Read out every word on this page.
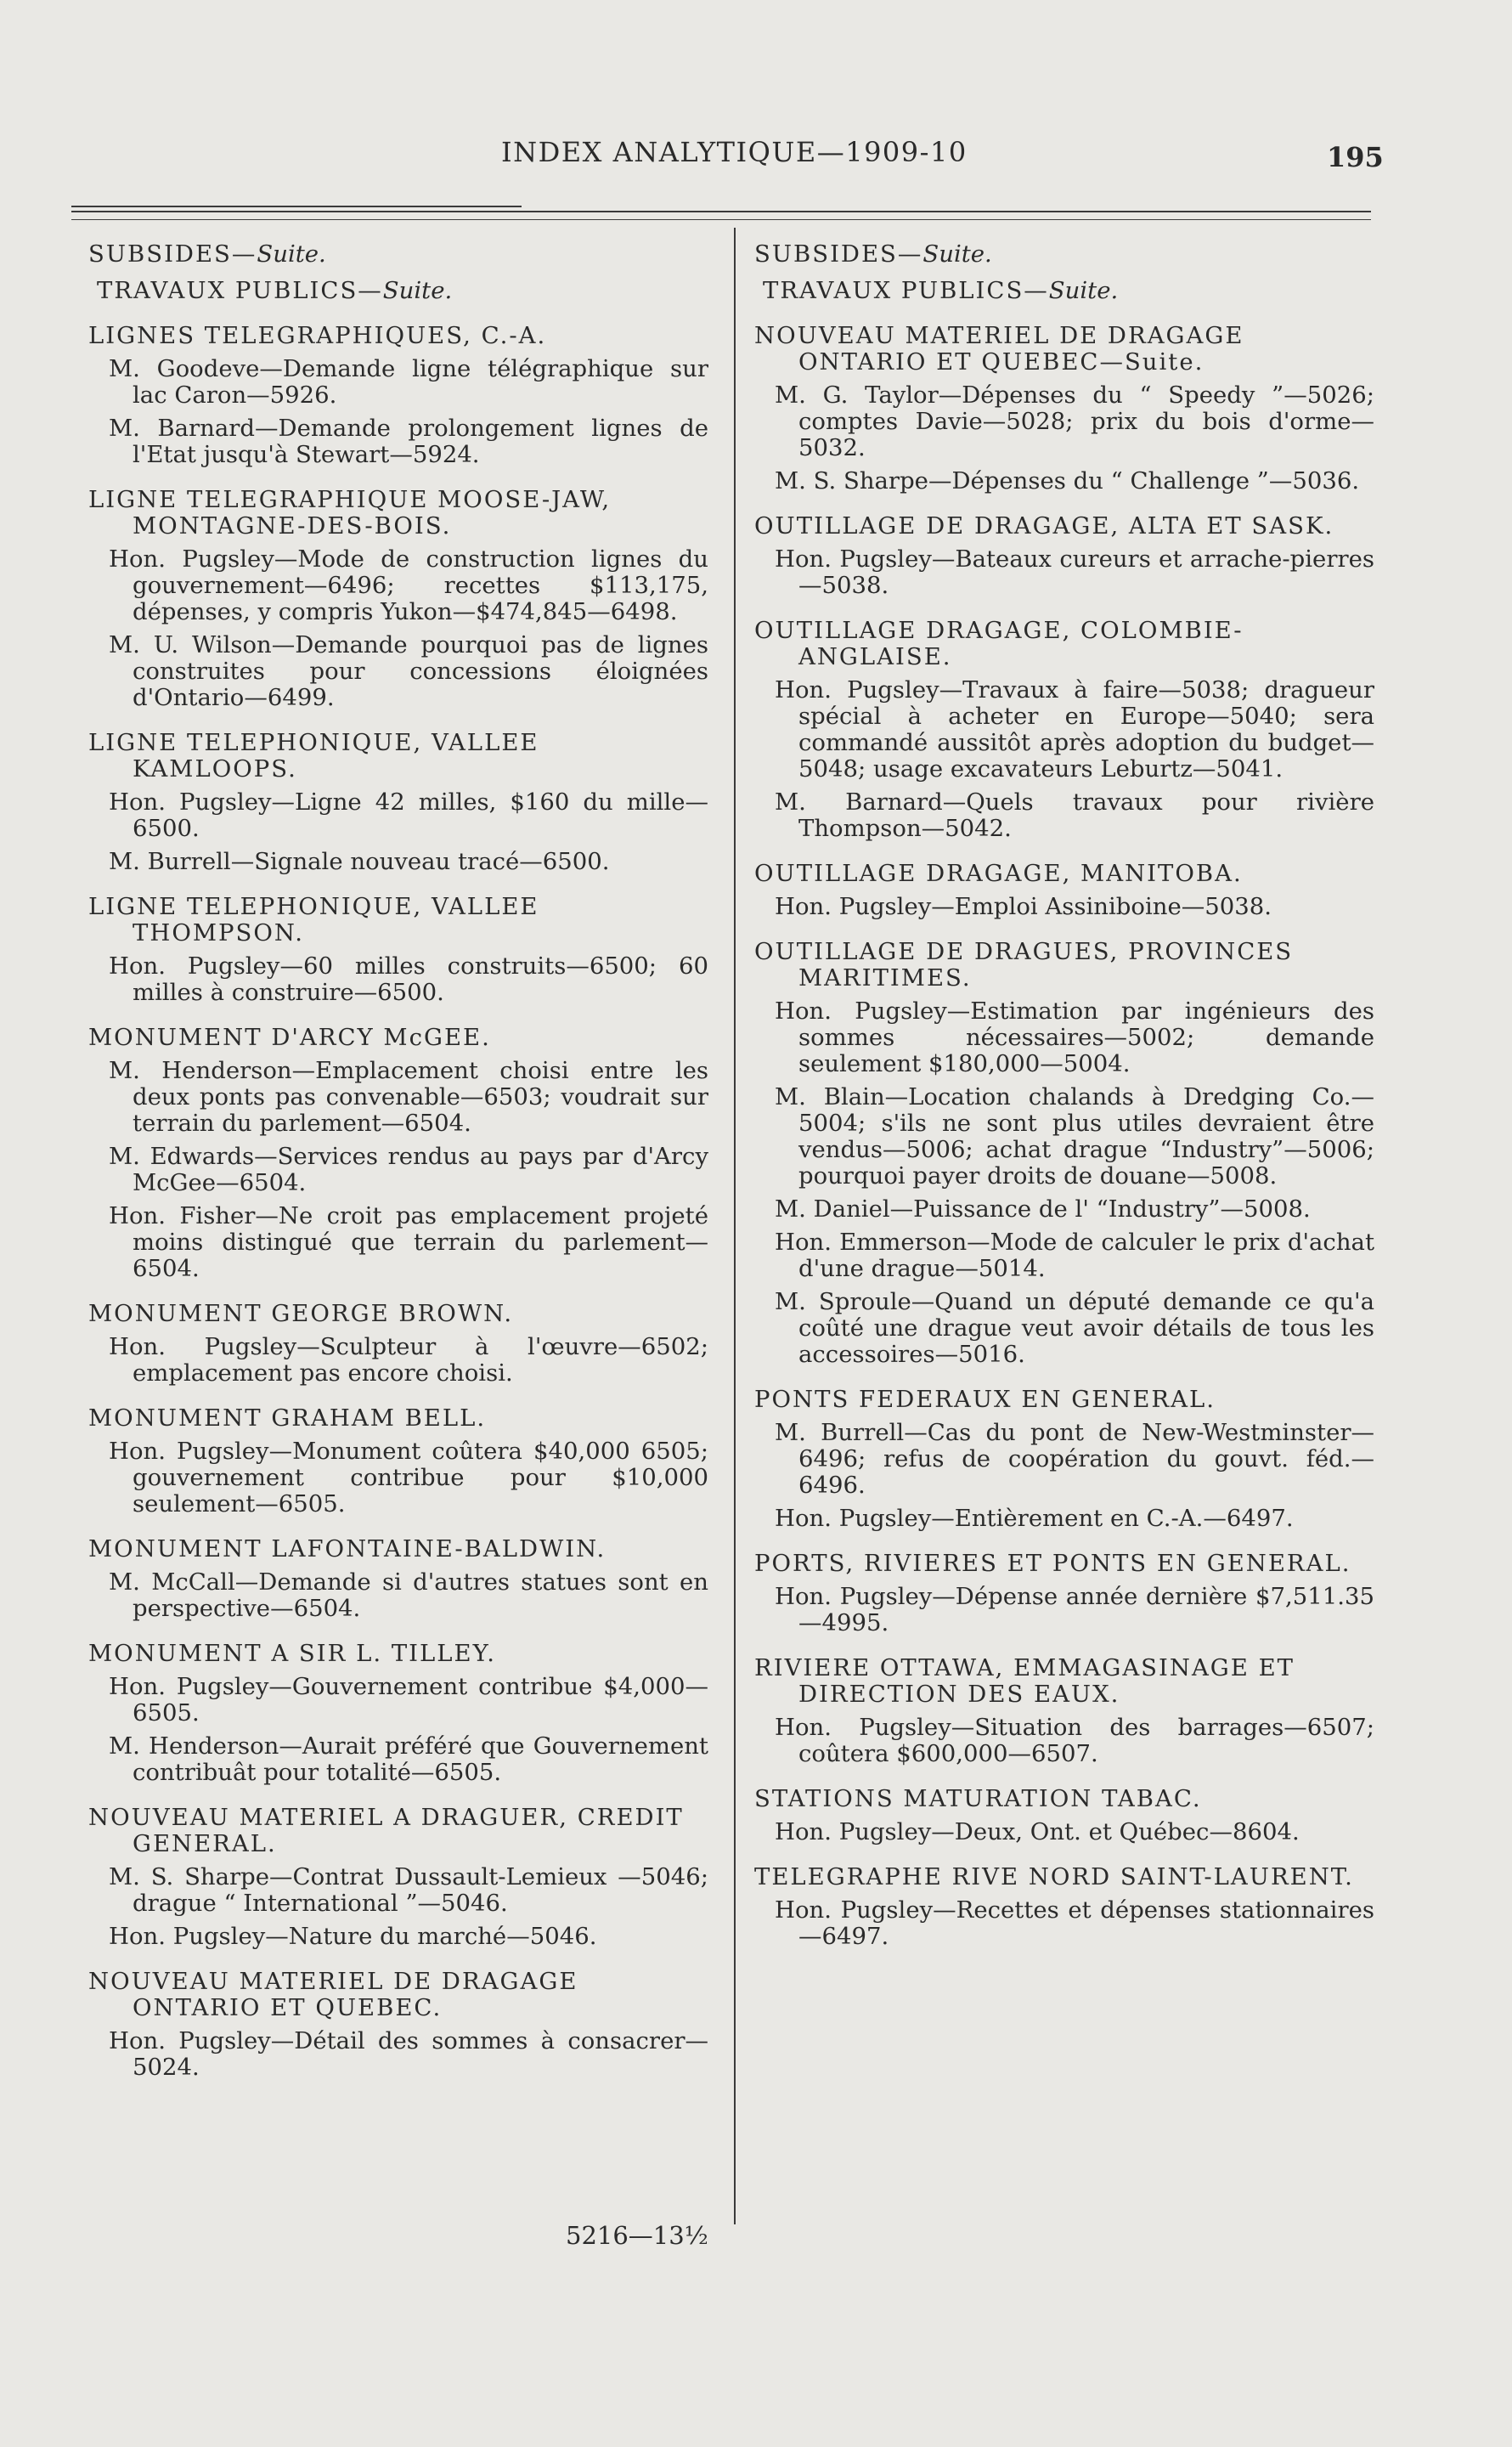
INDEX ANALYTIQUE—1909-10	195
SUBSIDES—Suite.
TRAVAUX PUBLICS—Suite.
LIGNES TELEGRAPHIQUES, C.-A.
M. Goodeve—Demande ligne télégraphique sur lac Caron—5926.
M. Barnard—Demande prolongement lignes de l'Etat jusqu'à Stewart—5924.
LIGNE TELEGRAPHIQUE MOOSE-JAW, MONTAGNE-DES-BOIS.
Hon. Pugsley—Mode de construction lignes du gouvernement—6496; recettes $113,175, dépenses, y compris Yukon—$474,845—6498.
M. U. Wilson—Demande pourquoi pas de lignes construites pour concessions éloignées d'Ontario—6499.
LIGNE TELEPHONIQUE, VALLEE KAMLOOPS.
Hon. Pugsley—Ligne 42 milles, $160 du mille—6500.
M. Burrell—Signale nouveau tracé—6500.
LIGNE TELEPHONIQUE, VALLEE THOMPSON.
Hon. Pugsley—60 milles construits—6500; 60 milles à construire—6500.
MONUMENT D'ARCY McGEE.
M. Henderson—Emplacement choisi entre les deux ponts pas convenable—6503; voudrait sur terrain du parlement—6504.
M. Edwards—Services rendus au pays par d'Arcy McGee—6504.
Hon. Fisher—Ne croit pas emplacement projeté moins distingué que terrain du parlement—6504.
MONUMENT GEORGE BROWN.
Hon. Pugsley—Sculpteur à l'œuvre—6502; emplacement pas encore choisi.
MONUMENT GRAHAM BELL.
Hon. Pugsley—Monument coûtera $40,000 6505; gouvernement contribue pour $10,000 seulement—6505.
MONUMENT LAFONTAINE-BALDWIN.
M. McCall—Demande si d'autres statues sont en perspective—6504.
MONUMENT A SIR L. TILLEY.
Hon. Pugsley—Gouvernement contribue $4,000—6505.
M. Henderson—Aurait préféré que Gouvernement contribuât pour totalité—6505.
NOUVEAU MATERIEL A DRAGUER, CREDIT GENERAL.
M. S. Sharpe—Contrat Dussault-Lemieux —5046; drague “ International ”—5046.
Hon. Pugsley—Nature du marché—5046.
NOUVEAU MATERIEL DE DRAGAGE ONTARIO ET QUEBEC.
Hon. Pugsley—Détail des sommes à consacrer—5024.
SUBSIDES—Suite.
TRAVAUX PUBLICS—Suite.
NOUVEAU MATERIEL DE DRAGAGE ONTARIO ET QUEBEC—Suite.
M. G. Taylor—Dépenses du “ Speedy ”—5026; comptes Davie—5028; prix du bois d'orme—5032.
M. S. Sharpe—Dépenses du “ Challenge ”—5036.
OUTILLAGE DE DRAGAGE, ALTA ET SASK.
Hon. Pugsley—Bateaux cureurs et arrache-pierres—5038.
OUTILLAGE DRAGAGE, COLOMBIE-ANGLAISE.
Hon. Pugsley—Travaux à faire—5038; dragueur spécial à acheter en Europe—5040; sera commandé aussitôt après adoption du budget—5048; usage excavateurs Leburtz—5041.
M. Barnard—Quels travaux pour rivière Thompson—5042.
OUTILLAGE DRAGAGE, MANITOBA.
Hon. Pugsley—Emploi Assiniboine—5038.
OUTILLAGE DE DRAGUES, PROVINCES MARITIMES.
Hon. Pugsley—Estimation par ingénieurs des sommes nécessaires—5002; demande seulement $180,000—5004.
M. Blain—Location chalands à Dredging Co.—5004; s'ils ne sont plus utiles devraient être vendus—5006; achat drague “Industry”—5006; pourquoi payer droits de douane—5008.
M. Daniel—Puissance de l' “Industry”—5008.
Hon. Emmerson—Mode de calculer le prix d'achat d'une drague—5014.
M. Sproule—Quand un député demande ce qu'a coûté une drague veut avoir détails de tous les accessoires—5016.
PONTS FEDERAUX EN GENERAL.
M. Burrell—Cas du pont de New-Westminster—6496; refus de coopération du gouvt. féd.—6496.
Hon. Pugsley—Entièrement en C.-A.—6497.
PORTS, RIVIERES ET PONTS EN GENERAL.
Hon. Pugsley—Dépense année dernière $7,511.35—4995.
RIVIERE OTTAWA, EMMAGASINAGE ET DIRECTION DES EAUX.
Hon. Pugsley—Situation des barrages—6507; coûtera $600,000—6507.
STATIONS MATURATION TABAC.
Hon. Pugsley—Deux, Ont. et Québec—8604.
TELEGRAPHE RIVE NORD SAINT-LAURENT.
Hon. Pugsley—Recettes et dépenses stationnaires—6497.
5216—13½
